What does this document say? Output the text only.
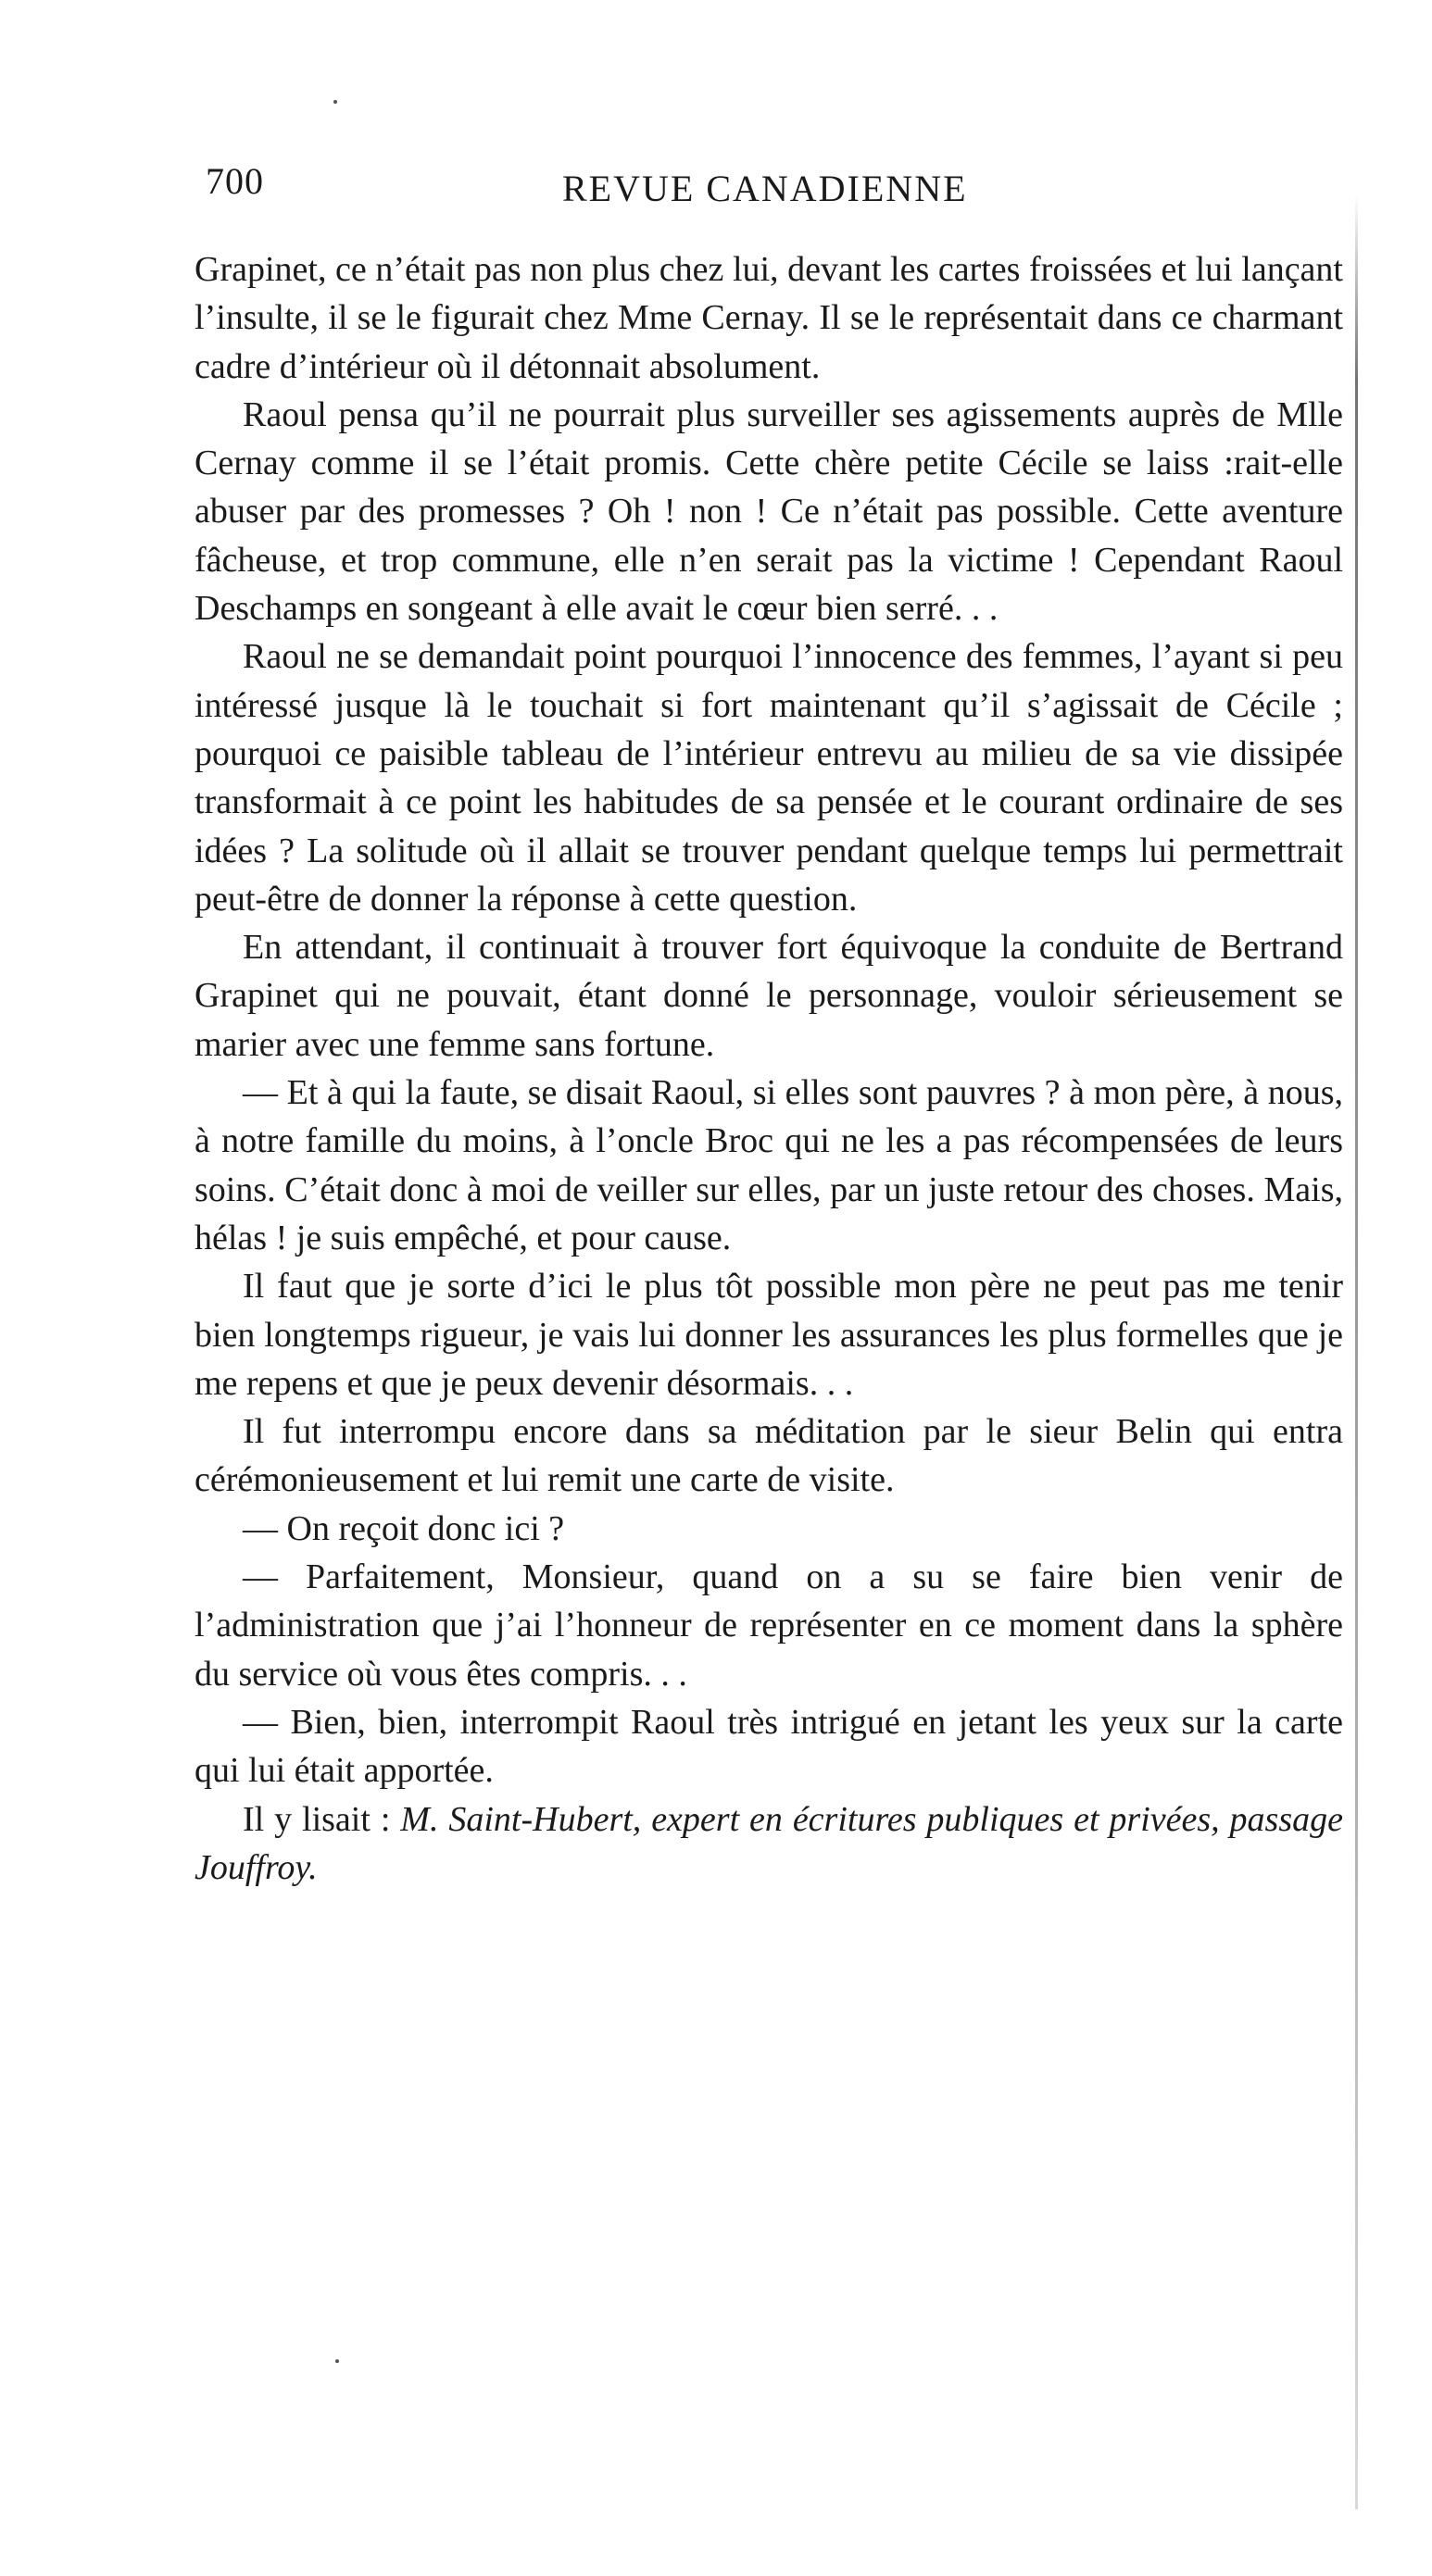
700	REVUE CANADIENNE

Grapinet, ce n’était pas non plus chez lui, devant les cartes froissées et lui lançant l’insulte, il se le figurait chez Mme Cernay. Il se le représentait dans ce charmant cadre d’intérieur où il détonnait absolument.

Raoul pensa qu’il ne pourrait plus surveiller ses agissements auprès de Mlle Cernay comme il se l’était promis. Cette chère petite Cécile se laiss :rait-elle abuser par des promesses ? Oh ! non ! Ce n’était pas possible. Cette aventure fâcheuse, et trop commune, elle n’en serait pas la victime ! Cependant Raoul Deschamps en songeant à elle avait le cœur bien serré. . .

Raoul ne se demandait point pourquoi l’innocence des femmes, l’ayant si peu intéressé jusque là le touchait si fort maintenant qu’il s’agissait de Cécile ; pourquoi ce paisible tableau de l’intérieur entrevu au milieu de sa vie dissipée transformait à ce point les habitudes de sa pensée et le courant ordinaire de ses idées ? La solitude où il allait se trouver pendant quelque temps lui permettrait peut-être de donner la réponse à cette question.

En attendant, il continuait à trouver fort équivoque la conduite de Bertrand Grapinet qui ne pouvait, étant donné le personnage, vouloir sérieusement se marier avec une femme sans fortune.

— Et à qui la faute, se disait Raoul, si elles sont pauvres ? à mon père, à nous, à notre famille du moins, à l’oncle Broc qui ne les a pas récompensées de leurs soins. C’était donc à moi de veiller sur elles, par un juste retour des choses. Mais, hélas ! je suis empêché, et pour cause.

Il faut que je sorte d’ici le plus tôt possible mon père ne peut pas me tenir bien longtemps rigueur, je vais lui donner les assurances les plus formelles que je me repens et que je peux devenir désormais. . .

Il fut interrompu encore dans sa méditation par le sieur Belin qui entra cérémonieusement et lui remit une carte de visite.

— On reçoit donc ici ?

— Parfaitement, Monsieur, quand on a su se faire bien venir de l’administration que j’ai l’honneur de représenter en ce moment dans la sphère du service où vous êtes compris. . .

— Bien, bien, interrompit Raoul très intrigué en jetant les yeux sur la carte qui lui était apportée.

Il y lisait : M. Saint-Hubert, expert en écritures publiques et privées, passage Jouffroy.
